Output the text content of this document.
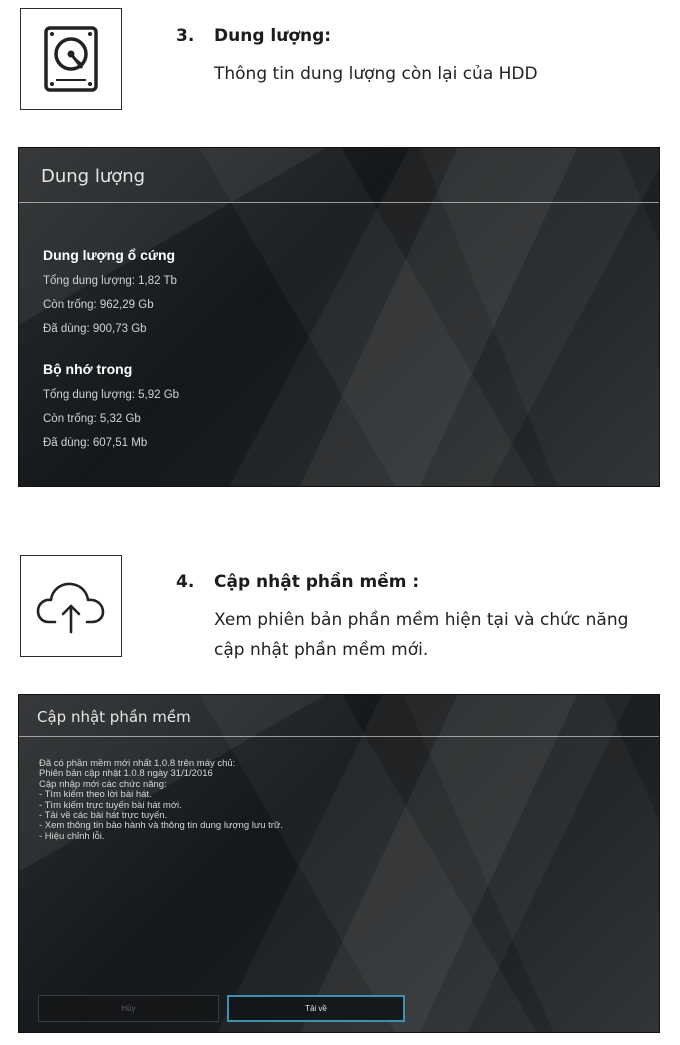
3. Dung lượng:
Thông tin dung lượng còn lại của HDD
Dung lượng
Dung lượng ổ cứng
Tổng dung lượng: 1,82 Tb
Còn trống: 962,29 Gb
Đã dùng: 900,73 Gb
Bộ nhớ trong
Tổng dung lượng: 5,92 Gb
Còn trống: 5,32 Gb
Đã dùng: 607,51 Mb
4. Cập nhật phần mềm :
Xem phiên bản phần mềm hiện tại và chức năng
cập nhật phần mềm mới.
Cập nhật phần mềm
Đã có phần mềm mới nhất 1.0.8 trên máy chủ:
Phiên bản cập nhật 1.0.8 ngày 31/1/2016
Cập nhập mới các chức năng:
- Tìm kiếm theo lời bài hát.
- Tìm kiếm trực tuyến bài hát mới.
- Tải về các bài hát trực tuyến.
- Xem thông tin bảo hành và thông tin dung lượng lưu trữ.
- Hiệu chỉnh lỗi.
Hủy	Tải về
